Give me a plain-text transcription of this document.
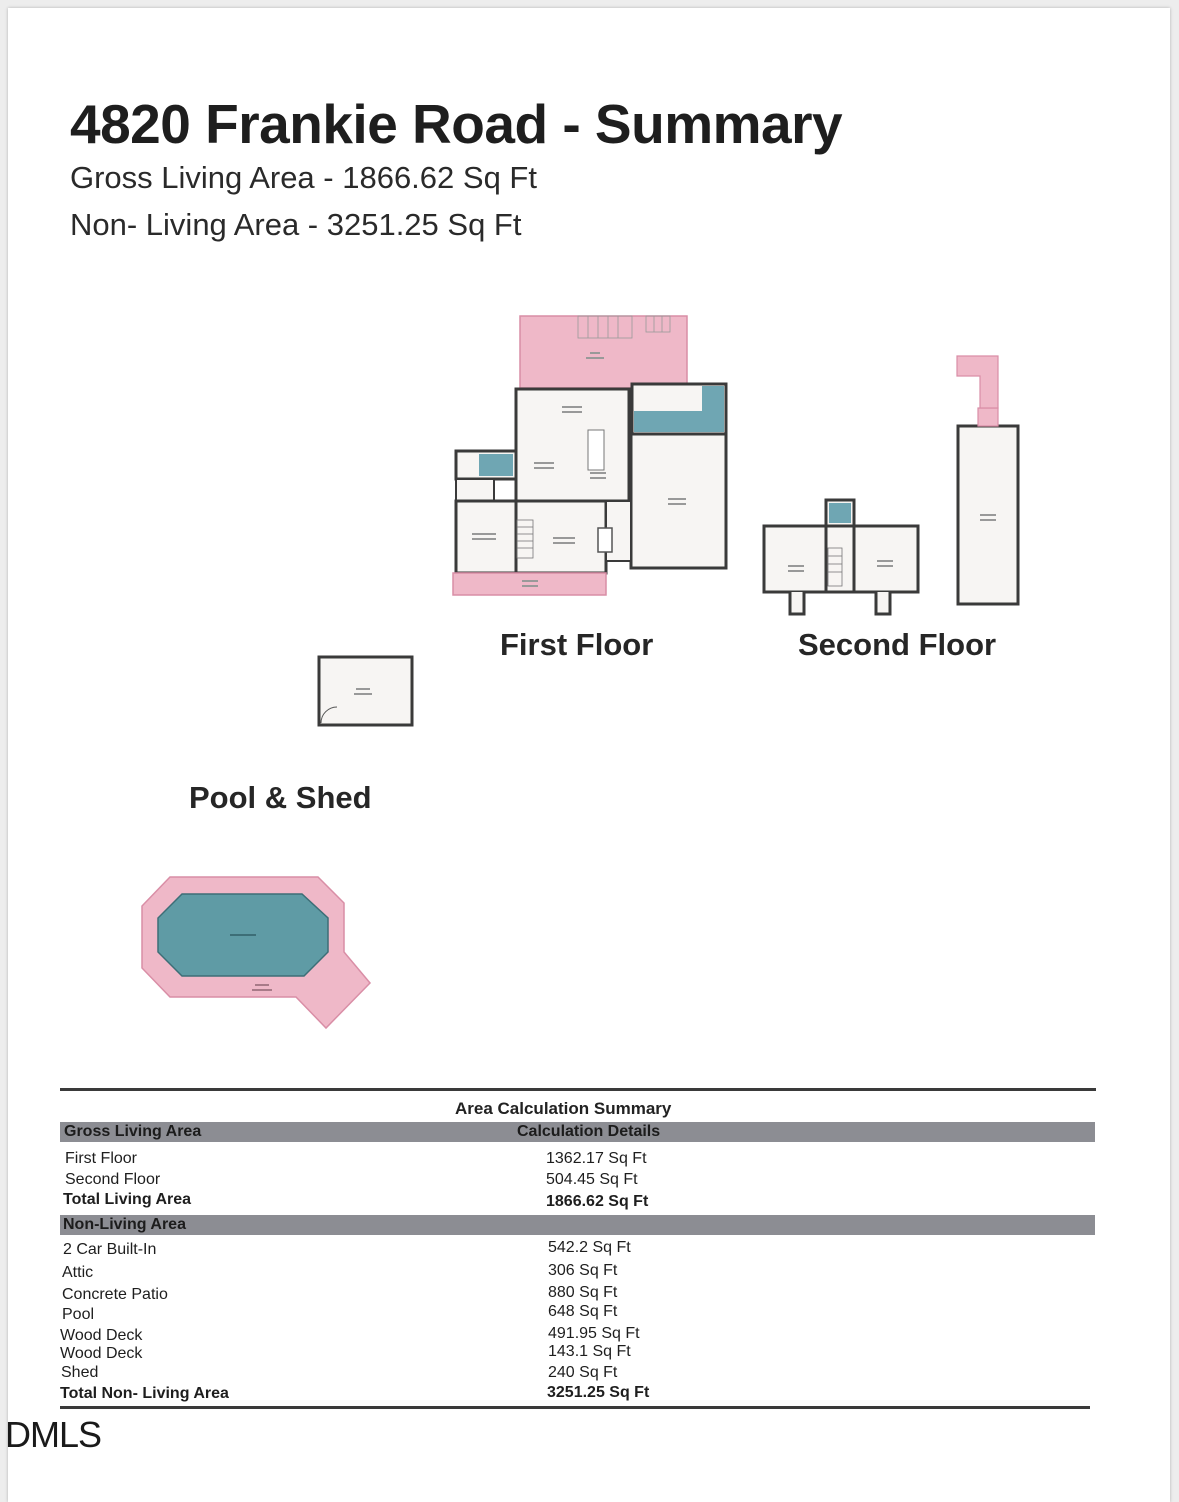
4820 Frankie Road - Summary
Gross Living Area - 1866.62 Sq Ft
Non- Living Area - 3251.25 Sq Ft
First Floor	Second Floor
Pool & Shed
Area Calculation Summary
Gross Living Area	Calculation Details
First Floor	1362.17 Sq Ft
Second Floor	504.45 Sq Ft
Total Living Area	1866.62 Sq Ft
Non-Living Area
2 Car Built-In	542.2 Sq Ft
Attic	306 Sq Ft
Concrete Patio	880 Sq Ft
Pool	648 Sq Ft
Wood Deck	491.95 Sq Ft
Wood Deck	143.1 Sq Ft
Shed	240 Sq Ft
Total Non- Living Area	3251.25 Sq Ft
DMLS
